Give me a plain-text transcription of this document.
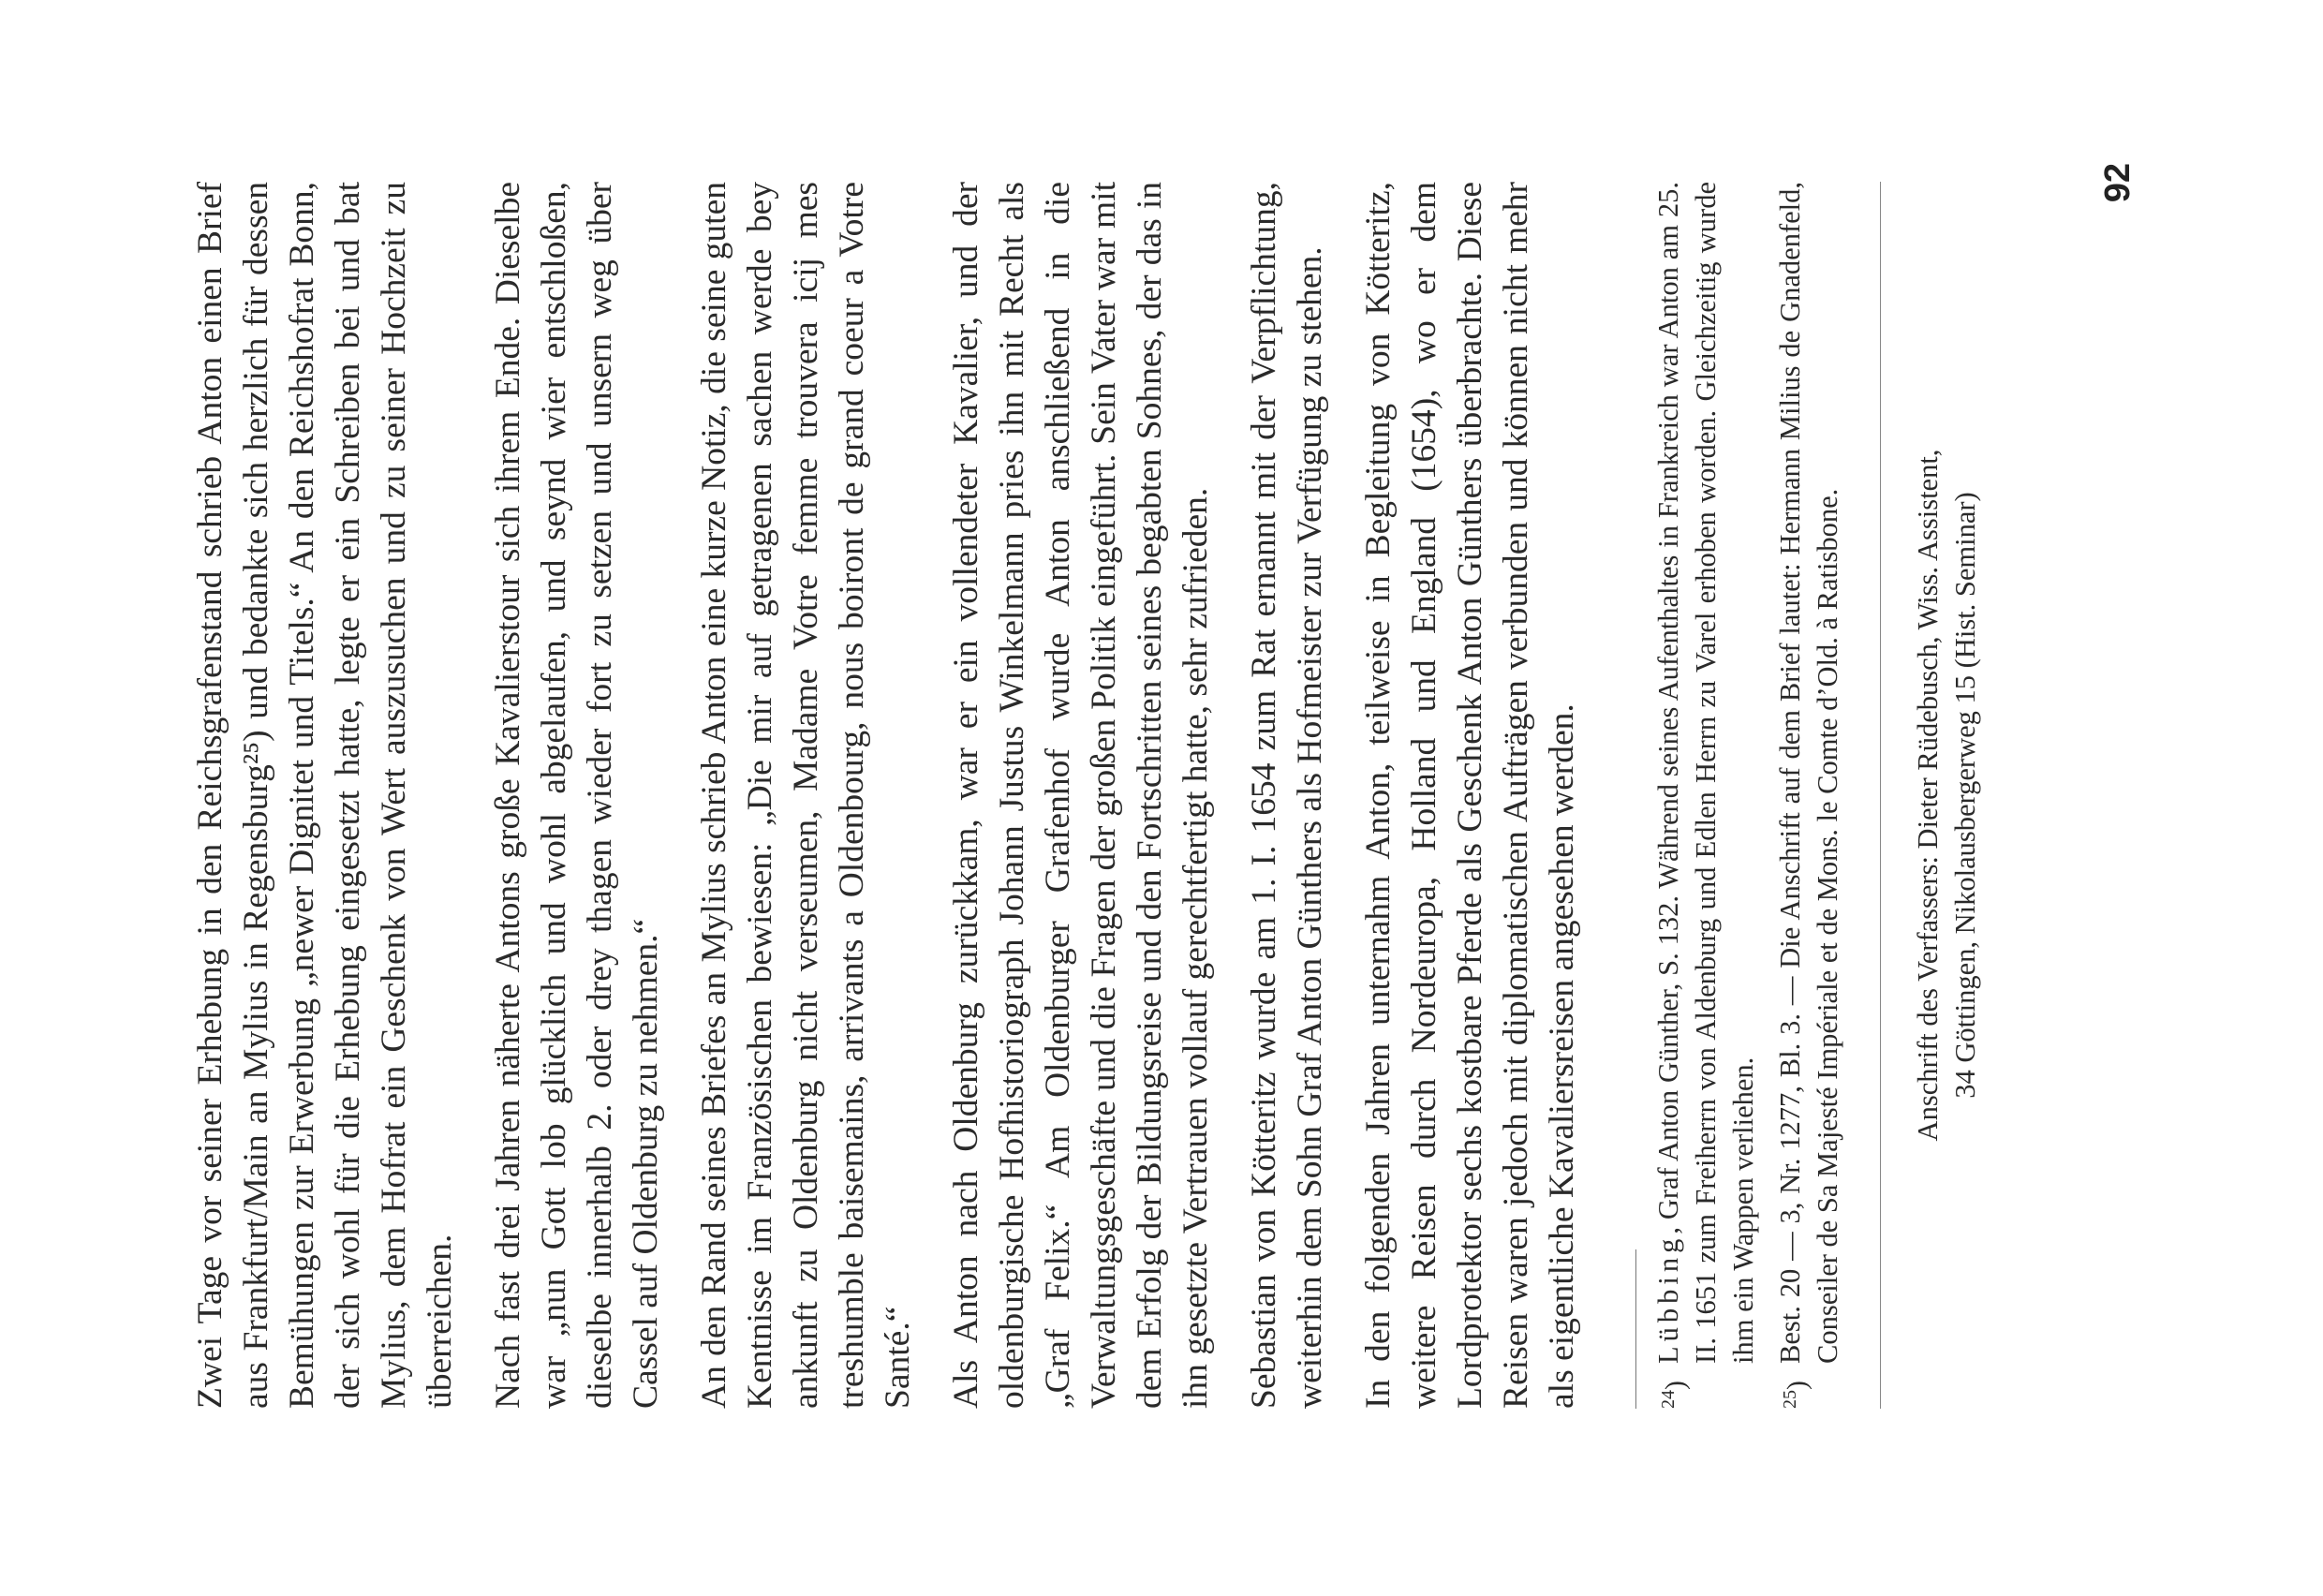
Zwei Tage vor seiner Erhebung in den Reichsgrafenstand schrieb Anton einen Brief aus Frankfurt/Main an Mylius in Regensburg²⁵) und bedankte sich herzlich für dessen Bemühungen zur Erwerbung „newer Dignitet und Titels.“ An den Reichshofrat Bonn, der sich wohl für die Erhebung eingesetzt hatte, legte er ein Schreiben bei und bat Mylius, dem Hofrat ein Geschenk von Wert auszusuchen und zu seiner Hochzeit zu überreichen. Nach fast drei Jahren näherte Antons große Kavalierstour sich ihrem Ende. Dieselbe war „nun Gott lob glücklich und wohl abgelaufen, und seynd wier entschloßen, dieselbe innerhalb 2. oder drey thagen wieder fort zu setzen und unsern weg über Cassel auf Oldenburg zu nehmen.“ An den Rand seines Briefes an Mylius schrieb Anton eine kurze Notiz, die seine guten Kentnisse im Französischen bewiesen: „Die mir auf getragenen sachen werde bey ankunft zu Oldenburg nicht verseumen, Madame Votre femme trouvera icij mes treshumble baisemains, arrivants a Oldenbourg, nous boiront de grand coeur a Votre Santé.“ Als Anton nach Oldenburg zurückkam, war er ein vollendeter Kavalier, und der oldenburgische Hofhistoriograph Johann Justus Winkelmann pries ihn mit Recht als „Graf Felix.“ Am Oldenburger Grafenhof wurde Anton anschließend in die Verwaltungsgeschäfte und die Fragen der großen Politik eingeführt. Sein Vater war mit dem Erfolg der Bildungsreise und den Fortschritten seines begabten Sohnes, der das in ihn gesetzte Vertrauen vollauf gerechtfertigt hatte, sehr zufrieden. Sebastian von Kötteritz wurde am 1. I. 1654 zum Rat ernannt mit der Verpflichtung, weiterhin dem Sohn Graf Anton Günthers als Hofmeister zur Verfügung zu stehen. In den folgenden Jahren unternahm Anton, teilweise in Begleitung von Kötteritz, weitere Reisen durch Nordeuropa, Holland und England (1654), wo er dem Lordprotektor sechs kostbare Pferde als Geschenk Anton Günthers überbrachte. Diese Reisen waren jedoch mit diplomatischen Aufträgen verbunden und können nicht mehr als eigentliche Kavaliersreisen angesehen werden.	$^{24}$)
Lübbing, Graf Anton Günther, S. 132. Während seines Aufenthaltes in Frankreich war Anton am 25. II. 1651 zum Freiherrn von Aldenburg und Edlen Herrn zu Varel erhoben worden. Gleichzeitig wurde ihm ein Wappen verliehen.
$^{25}$)
Best. 20 — 3, Nr. 1277, Bl. 3. — Die Anschrift auf dem Brief lautet: Hermann Milius de Gnadenfeld, Conseiler de Sa Majesté Impériale et de Mons. le Comte d’Old. à Ratisbone. Anschrift des Verfassers: Dieter Rüdebusch, Wiss. Assistent, 34 Göttingen, Nikolausbergerweg 15 (Hist. Seminar)
92
